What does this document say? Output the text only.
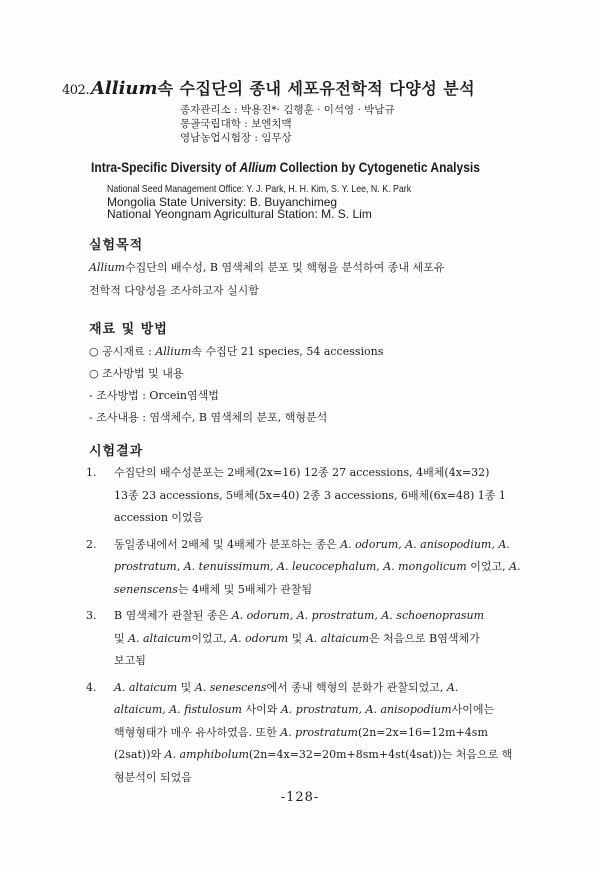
402. Allium 속 수집단의 종내 세포유전학적 다양성 분석
종자관리소 : 박용진*· 김행훈 · 이석영 · 박남규
몽골국립대학 : 보엔치맥
영남농업시험장 : 임무상
Intra-Specific Diversity of Allium Collection by Cytogenetic Analysis
National Seed Management Office: Y. J. Park, H. H. Kim, S. Y. Lee, N. K. Park
Mongolia State University: B. Buyanchimeg
National Yeongnam Agricultural Station: M. S. Lim
실험목적
Allium수집단의 배수성, B 염색체의 분포 및 핵형을 분석하여 종내 세포유
전학적 다양성을 조사하고자 실시함
재료 및 방법
○ 공시재료 : Allium속 수집단 21 species, 54 accessions
○ 조사방법 및 내용
- 조사방법 : Orcein염색법
- 조사내용 : 염색체수, B 염색체의 분포, 핵형분석
시험결과
1.	수집단의 배수성분포는 2배체(2x=16) 12종 27 accessions, 4배체(4x=32)
13종 23 accessions, 5배체(5x=40) 2종 3 accessions, 6배체(6x=48) 1종 1
accession 이었음
2.	동일종내에서 2배체 및 4배체가 분포하는 종은 A. odorum, A. anisopodium, A.
prostratum, A. tenuissimum, A. leucocephalum, A. mongolicum 이었고, A.
senenscens는 4배체 및 5배체가 관찰됨
3.	B 염색체가 관찰된 종은 A. odorum, A. prostratum, A. schoenoprasum
및 A. altaicum이었고, A. odorum 및 A. altaicum은 처음으로 B염색체가
보고됨
4.	A. altaicum 및 A. senescens에서 종내 핵형의 분화가 관찰되었고, A.
altaicum, A. fistulosum 사이와 A. prostratum, A. anisopodium사이에는
핵형형태가 매우 유사하였음. 또한 A. prostratum(2n=2x=16=12m+4sm
(2sat))와 A. amphibolum(2n=4x=32=20m+8sm+4st(4sat))는 처음으로 핵
형분석이 되었음
-128-
